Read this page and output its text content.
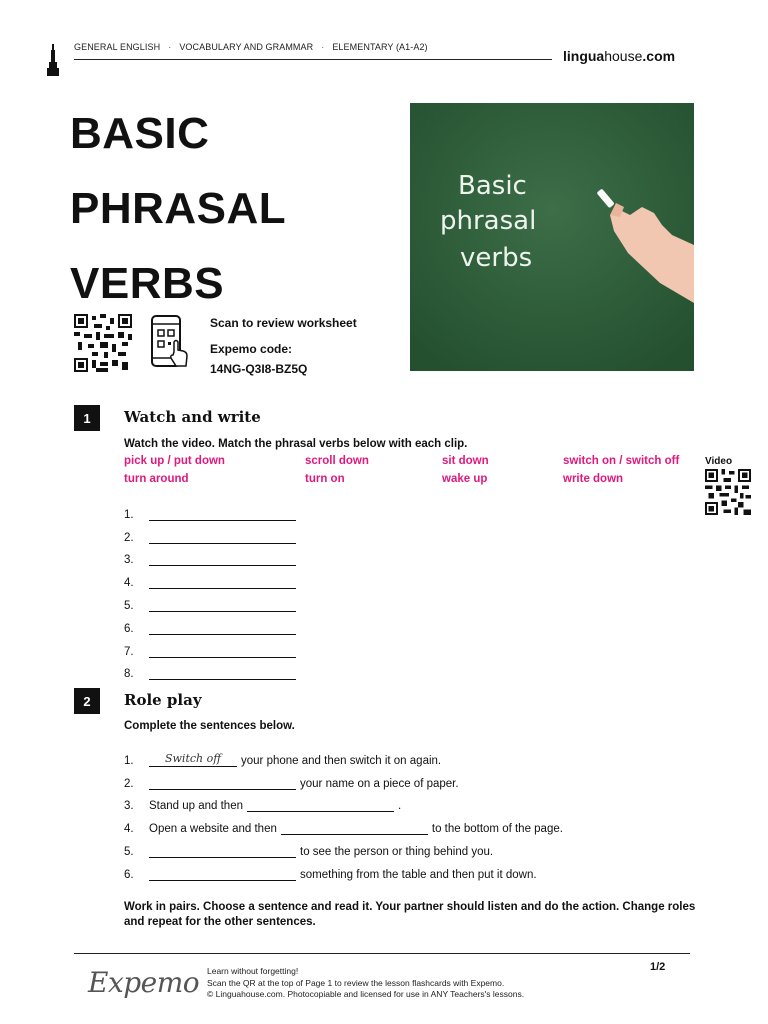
GENERAL ENGLISH · VOCABULARY AND GRAMMAR · ELEMENTARY (A1-A2)
linguahouse.com
BASIC
PHRASAL
VERBS
Basic
phrasal
verbs
Scan to review worksheet
Expemo code:
14NG-Q3I8-BZ5Q
1	Watch and write
Watch the video. Match the phrasal verbs below with each clip.
pick up / put down	scroll down	sit down	switch on / switch off
turn around	turn on	wake up	write down
Video
1.
2.
3.
4.
5.
6.
7.
8.
2	Role play
Complete the sentences below.
1.	Switch off	your phone and then switch it on again.
2.	your name on a piece of paper.
3.	Stand up and then	.
4.	Open a website and then	to the bottom of the page.
5.	to see the person or thing behind you.
6.	something from the table and then put it down.
Work in pairs. Choose a sentence and read it. Your partner should listen and do the action. Change roles and repeat for the other sentences.
Expemo Learn without forgetting!
Scan the QR at the top of Page 1 to review the lesson flashcards with Expemo.
© Linguahouse.com. Photocopiable and licensed for use in ANY Teachers's lessons.
1/2
